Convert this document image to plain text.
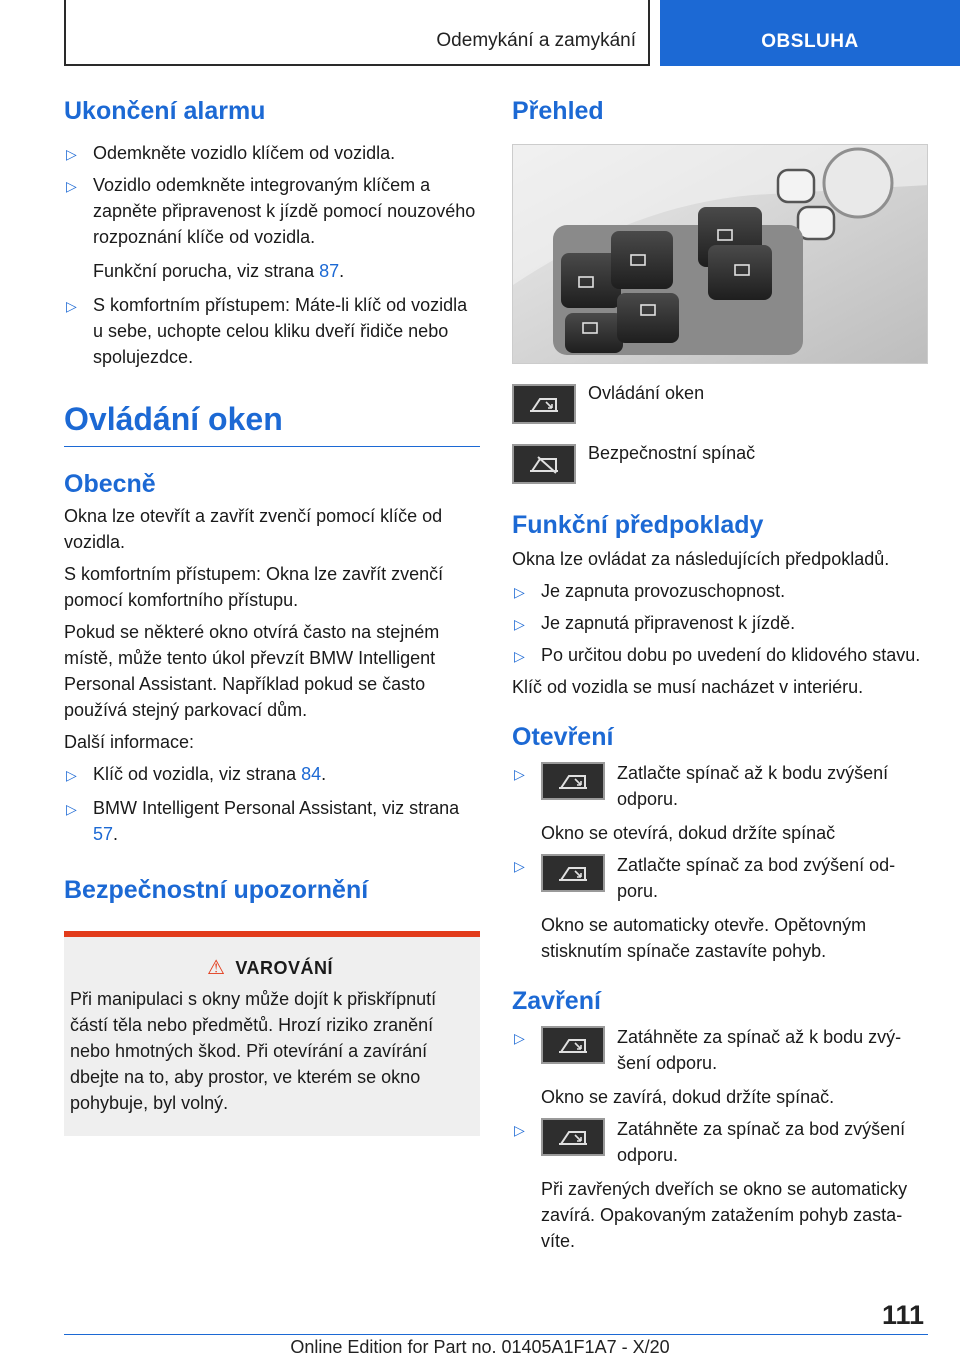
Odemykání a zamykání	OBSLUHA
Ukončení alarmu
▷ Odemkněte vozidlo klíčem od vozidla.
▷ Vozidlo odemkněte integrovaným klíčem a zapněte připravenost k jízdě pomocí nouzového rozpoznání klíče od vozidla.
Funkční porucha, viz strana 87.
▷ S komfortním přístupem: Máte-li klíč od vozidla u sebe, uchopte celou kliku dveří řidiče nebo spolujezdce.
Ovládání oken
Obecně

Okna lze otevřít a zavřít zvenčí pomocí klíče od vozidla.

S komfortním přístupem: Okna lze zavřít zvenčí pomocí komfortního přístupu.

Pokud se některé okno otvírá často na stejném místě, může tento úkol převzít BMW Intelligent Personal Assistant. Například pokud se často používá stejný parkovací dům.

Další informace:

▷ Klíč od vozidla, viz strana 84.
▷ BMW Intelligent Personal Assistant, viz strana 57.
Bezpečnostní upozornění
⚠ VAROVÁNÍ

Při manipulaci s okny může dojít k přiskřípnutí částí těla nebo předmětů. Hrozí riziko zranění nebo hmotných škod. Při otevírání a zavírání dbejte na to, aby prostor, ve kterém se okno pohybuje, byl volný.

Přehled
Ovládání oken
Bezpečnostní spínač
Funkční předpoklady

Okna lze ovládat za následujících předpokladů.

▷ Je zapnuta provozuschopnost.
▷ Je zapnutá připravenost k jízdě.
▷ Po určitou dobu po uvedení do klidového stavu.

Klíč od vozidla se musí nacházet v interiéru.

Otevření
▷	Zatlačte spínač až k bodu zvýšení odporu.
Okno se otevírá, dokud držíte spínač
▷	Zatlačte spínač za bod zvýšení odporu.
Okno se automaticky otevře. Opětovným stisknutím spínače zastavíte pohyb.
Zavření
▷	Zatáhněte za spínač až k bodu zvýšení odporu.
Okno se zavírá, dokud držíte spínač.
▷	Zatáhněte za spínač za bod zvýšení odporu.
Při zavřených dveřích se okno se automaticky zavírá. Opakovaným zatažením pohyb zastavíte.
111
Online Edition for Part no. 01405A1F1A7 - X/20
